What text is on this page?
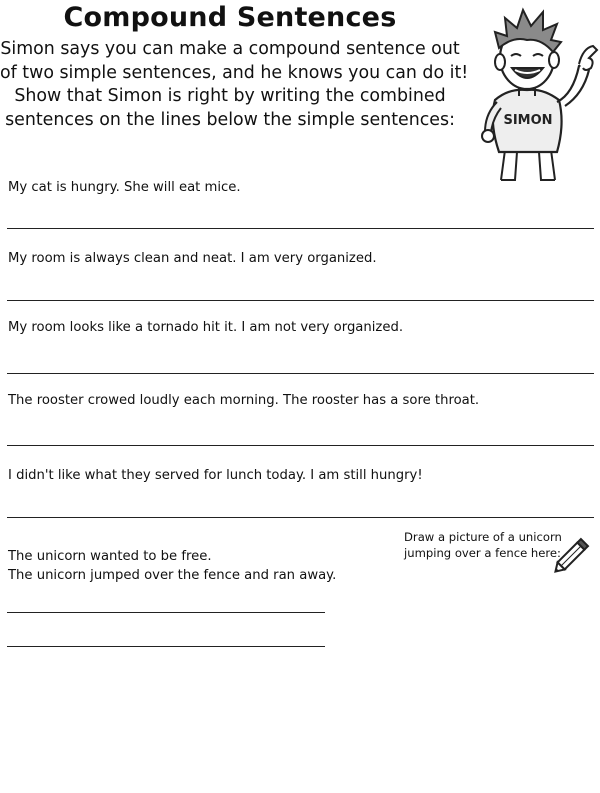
Compound Sentences
Simon says you can make a compound sentence out
of two simple sentences, and he knows you can do it!
Show that Simon is right by writing the combined
sentences on the lines below the simple sentences:	SIMON
My cat is hungry. She will eat mice.
My room is always clean and neat. I am very organized.
My room looks like a tornado hit it. I am not very organized.
The rooster crowed loudly each morning. The rooster has a sore throat.
I didn't like what they served for lunch today. I am still hungry!
The unicorn wanted to be free.
The unicorn jumped over the fence and ran away.
Draw a picture of a unicorn
jumping over a fence here:
